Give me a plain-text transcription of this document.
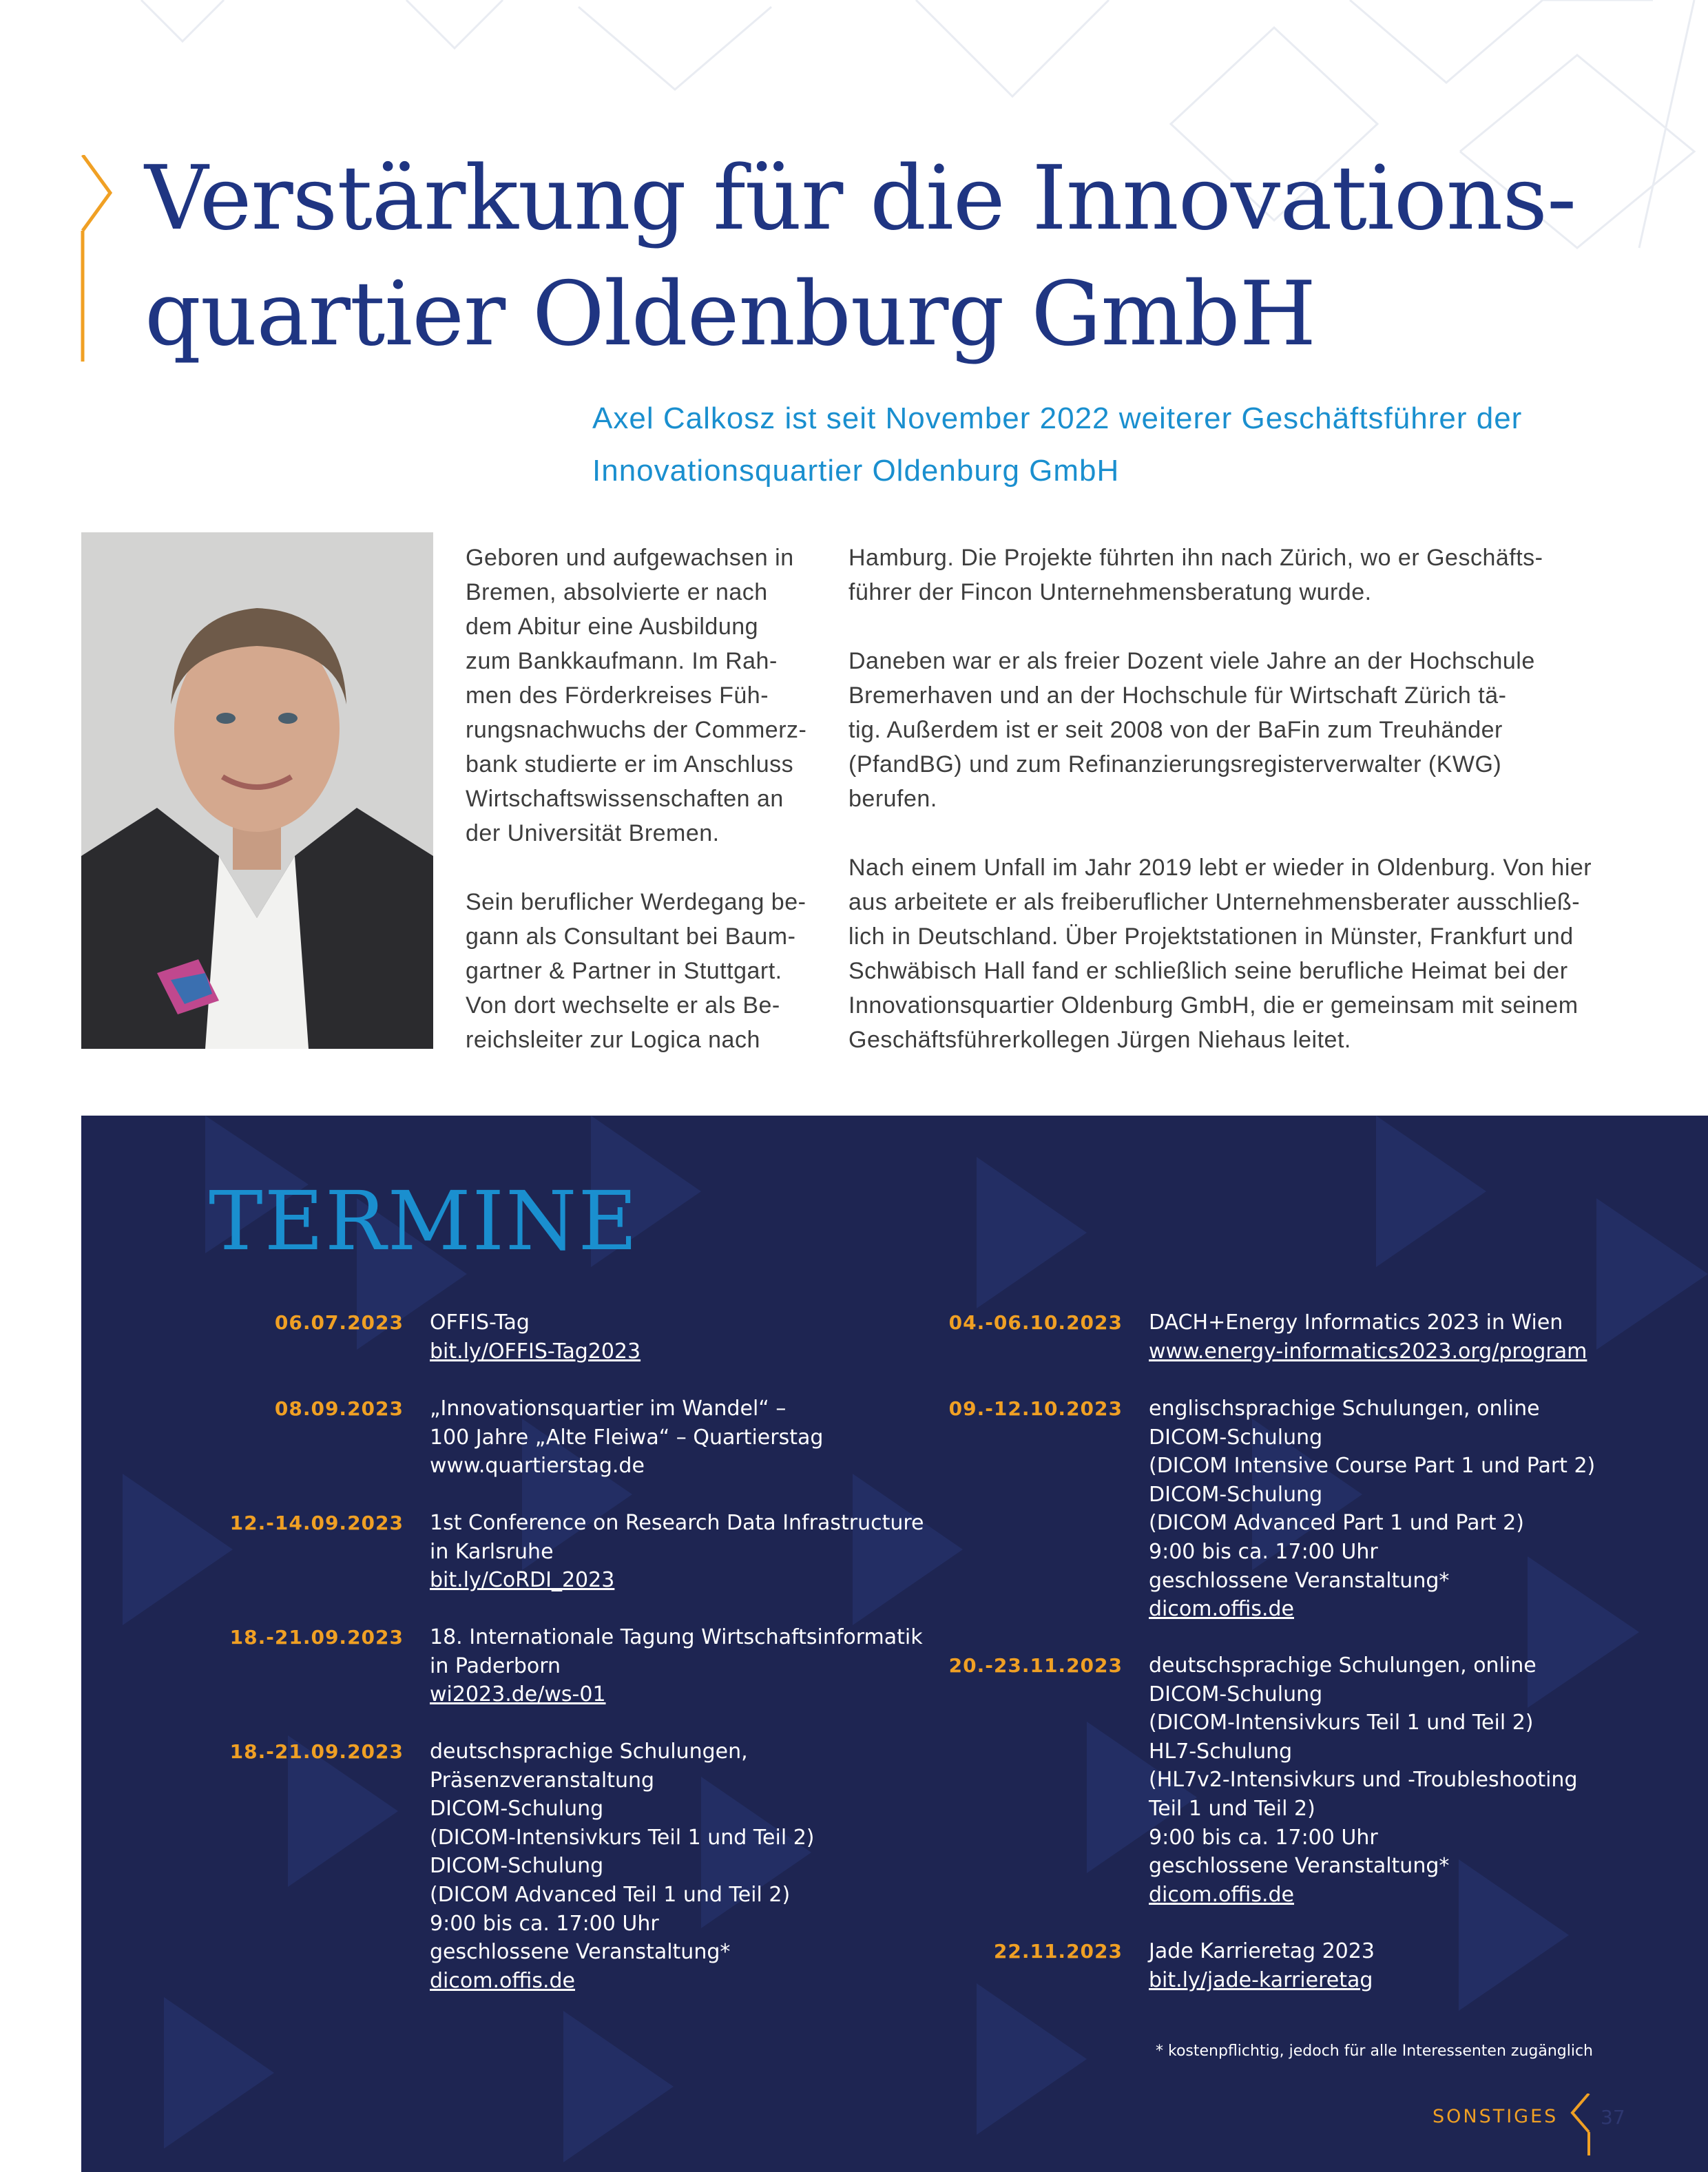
Verstärkung für die Innovations-
quartier Oldenburg GmbH
Axel Calkosz ist seit November 2022 weiterer Geschäftsführer der
Innovationsquartier Oldenburg GmbH

Geboren und aufgewachsen in
Bremen, absolvierte er nach
dem Abitur eine Ausbildung
zum Bankkaufmann. Im Rah-
men des Förderkreises Füh-
rungsnachwuchs der Commerz-
bank studierte er im Anschluss
Wirtschaftswissenschaften an
der Universität Bremen.

Sein beruflicher Werdegang be-
gann als Consultant bei Baum-
gartner & Partner in Stuttgart.
Von dort wechselte er als Be-
reichsleiter zur Logica nach

Hamburg. Die Projekte führten ihn nach Zürich, wo er Geschäfts-
führer der Fincon Unternehmensberatung wurde.

Daneben war er als freier Dozent viele Jahre an der Hochschule
Bremerhaven und an der Hochschule für Wirtschaft Zürich tä-
tig. Außerdem ist er seit 2008 von der BaFin zum Treuhänder
(PfandBG) und zum Refinanzierungsregisterverwalter (KWG)
berufen.

Nach einem Unfall im Jahr 2019 lebt er wieder in Oldenburg. Von hier
aus arbeitete er als freiberuflicher Unternehmensberater ausschließ-
lich in Deutschland. Über Projektstationen in Münster, Frankfurt und
Schwäbisch Hall fand er schließlich seine berufliche Heimat bei der
Innovationsquartier Oldenburg GmbH, die er gemeinsam mit seinem
Geschäftsführerkollegen Jürgen Niehaus leitet.

TERMINE
06.07.2023 OFFIS-Tag
bit.ly/OFFIS-Tag2023
08.09.2023 „Innovationsquartier im Wandel“ –
100 Jahre „Alte Fleiwa“ – Quartierstag
www.quartierstag.de
12.-14.09.2023 1st Conference on Research Data Infrastructure
in Karlsruhe
bit.ly/CoRDI_2023
18.-21.09.2023 18. Internationale Tagung Wirtschaftsinformatik
in Paderborn
wi2023.de/ws-01
18.-21.09.2023 deutschsprachige Schulungen,
Präsenzveranstaltung
DICOM-Schulung
(DICOM-Intensivkurs Teil 1 und Teil 2)
DICOM-Schulung
(DICOM Advanced Teil 1 und Teil 2)
9:00 bis ca. 17:00 Uhr
geschlossene Veranstaltung*
dicom.offis.de
04.-06.10.2023 DACH+Energy Informatics 2023 in Wien
www.energy-informatics2023.org/program
09.-12.10.2023 englischsprachige Schulungen, online
DICOM-Schulung
(DICOM Intensive Course Part 1 und Part 2)
DICOM-Schulung
(DICOM Advanced Part 1 und Part 2)
9:00 bis ca. 17:00 Uhr
geschlossene Veranstaltung*
dicom.offis.de
20.-23.11.2023 deutschsprachige Schulungen, online
DICOM-Schulung
(DICOM-Intensivkurs Teil 1 und Teil 2)
HL7-Schulung
(HL7v2-Intensivkurs und -Troubleshooting
Teil 1 und Teil 2)
9:00 bis ca. 17:00 Uhr
geschlossene Veranstaltung*
dicom.offis.de
22.11.2023 Jade Karrieretag 2023
bit.ly/jade-karrieretag
* kostenpflichtig, jedoch für alle Interessenten zugänglich
SONSTIGES 37
